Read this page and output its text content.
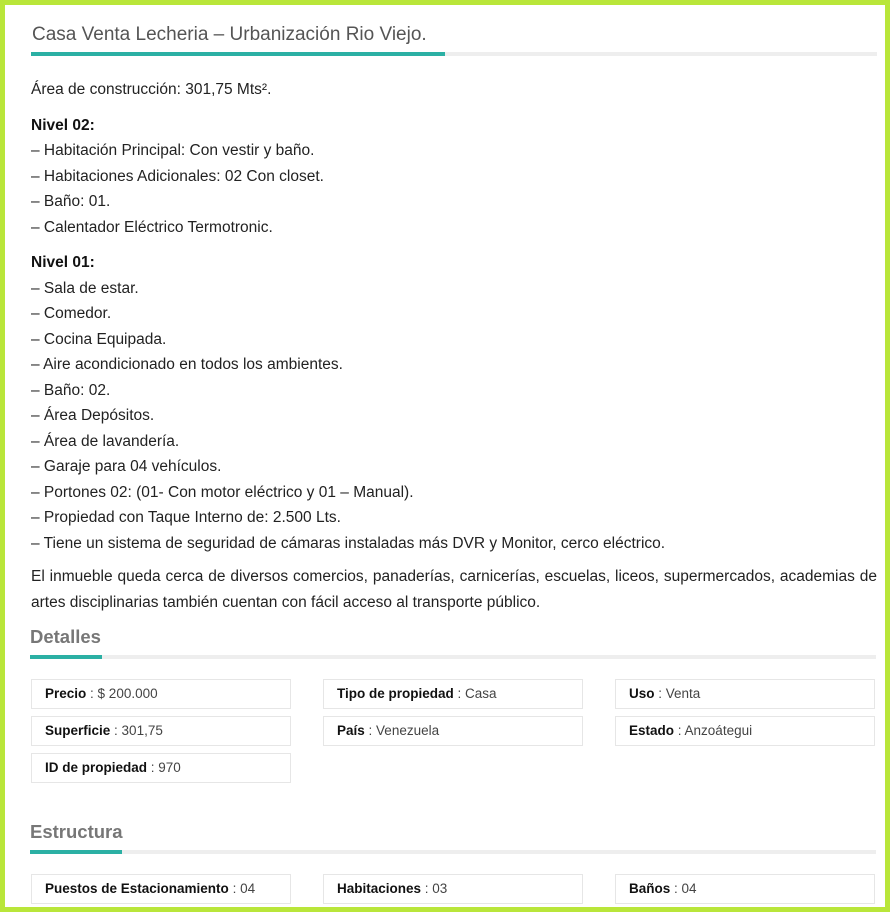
Casa Venta Lecheria – Urbanización Rio Viejo.

Área de construcción: 301,75 Mts².

Nivel 02:

– Habitación Principal: Con vestir y baño.

– Habitaciones Adicionales: 02 Con closet.

– Baño: 01.

– Calentador Eléctrico Termotronic.

Nivel 01:

– Sala de estar.

– Comedor.

– Cocina Equipada.

– Aire acondicionado en todos los ambientes.

– Baño: 02.

– Área Depósitos.

– Área de lavandería.

– Garaje para 04 vehículos.

– Portones 02: (01- Con motor eléctrico y 01 – Manual).

– Propiedad con Taque Interno de: 2.500 Lts.

– Tiene un sistema de seguridad de cámaras instaladas más DVR y Monitor, cerco eléctrico.

El inmueble queda cerca de diversos comercios, panaderías, carnicerías, escuelas, liceos, supermercados, academias de artes disciplinarias también cuentan con fácil acceso al transporte público.

Detalles
Precio : $ 200.000	Tipo de propiedad : Casa	Uso : Venta
Superficie : 301,75	País : Venezuela	Estado : Anzoátegui
ID de propiedad : 970
Estructura
Puestos de Estacionamiento : 04	Habitaciones : 03	Baños : 04
